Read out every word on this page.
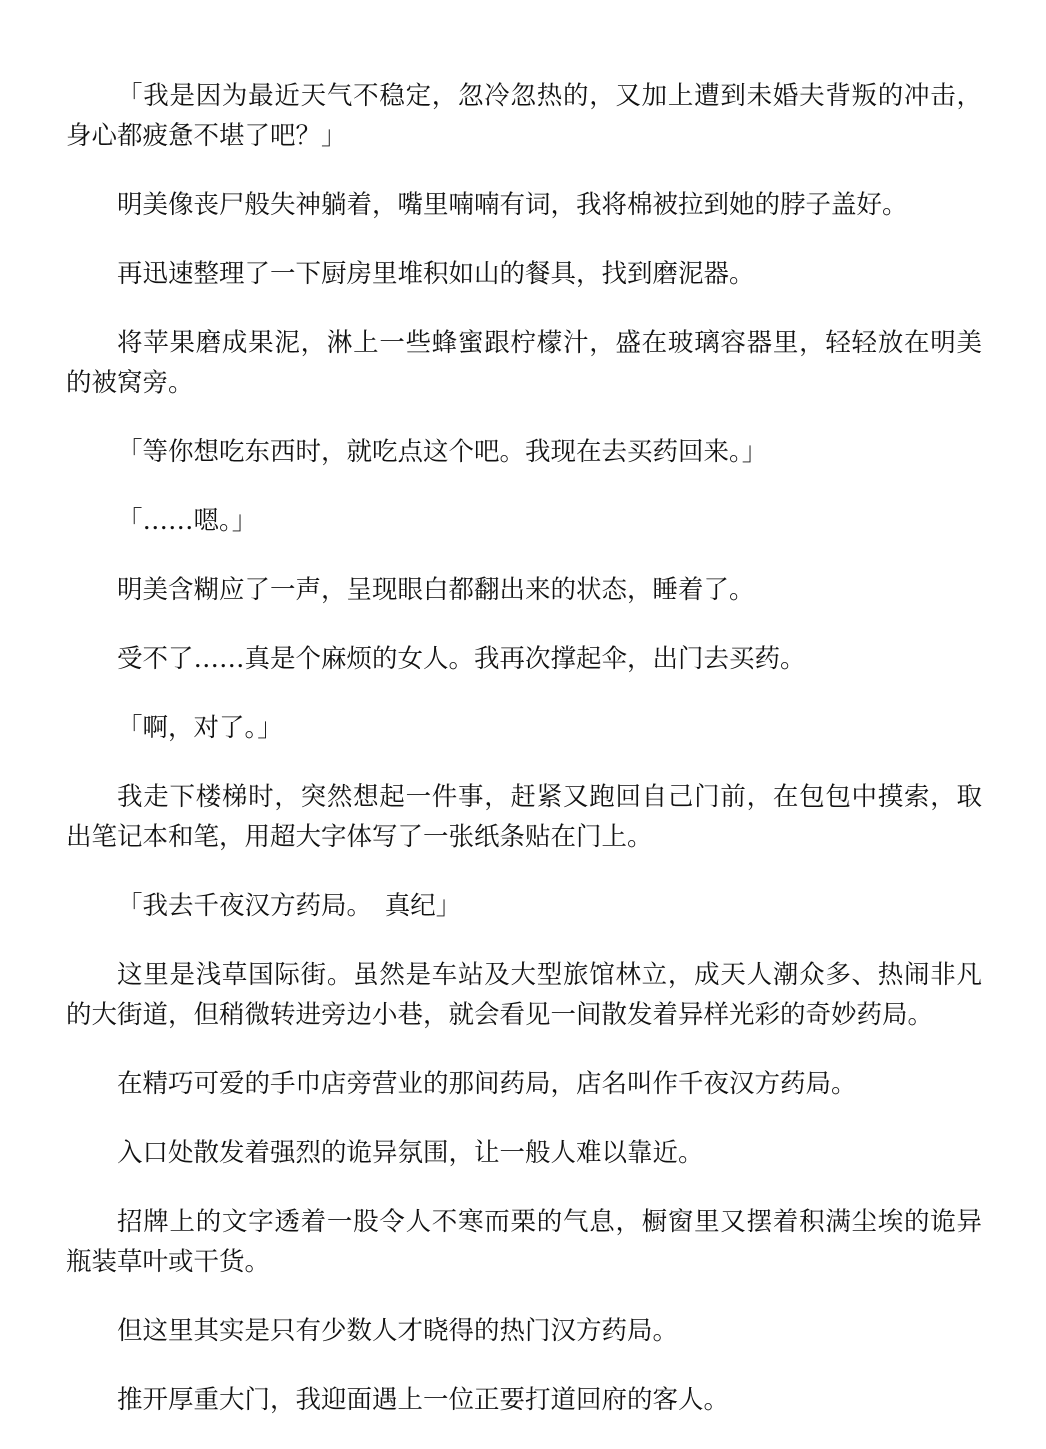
「我是因为最近天气不稳定，忽冷忽热的，又加上遭到未婚夫背叛的冲击，身心都疲惫不堪了吧？」

明美像丧尸般失神躺着，嘴里喃喃有词，我将棉被拉到她的脖子盖好。

再迅速整理了一下厨房里堆积如山的餐具，找到磨泥器。

将苹果磨成果泥，淋上一些蜂蜜跟柠檬汁，盛在玻璃容器里，轻轻放在明美的被窝旁。

「等你想吃东西时，就吃点这个吧。我现在去买药回来。」

「……嗯。」

明美含糊应了一声，呈现眼白都翻出来的状态，睡着了。

受不了……真是个麻烦的女人。我再次撑起伞，出门去买药。

「啊，对了。」

我走下楼梯时，突然想起一件事，赶紧又跑回自己门前，在包包中摸索，取出笔记本和笔，用超大字体写了一张纸条贴在门上。

「我去千夜汉方药局。　真纪」

这里是浅草国际街。虽然是车站及大型旅馆林立，成天人潮众多、热闹非凡的大街道，但稍微转进旁边小巷，就会看见一间散发着异样光彩的奇妙药局。

在精巧可爱的手巾店旁营业的那间药局，店名叫作千夜汉方药局。

入口处散发着强烈的诡异氛围，让一般人难以靠近。

招牌上的文字透着一股令人不寒而栗的气息，橱窗里又摆着积满尘埃的诡异瓶装草叶或干货。

但这里其实是只有少数人才晓得的热门汉方药局。

推开厚重大门，我迎面遇上一位正要打道回府的客人。
